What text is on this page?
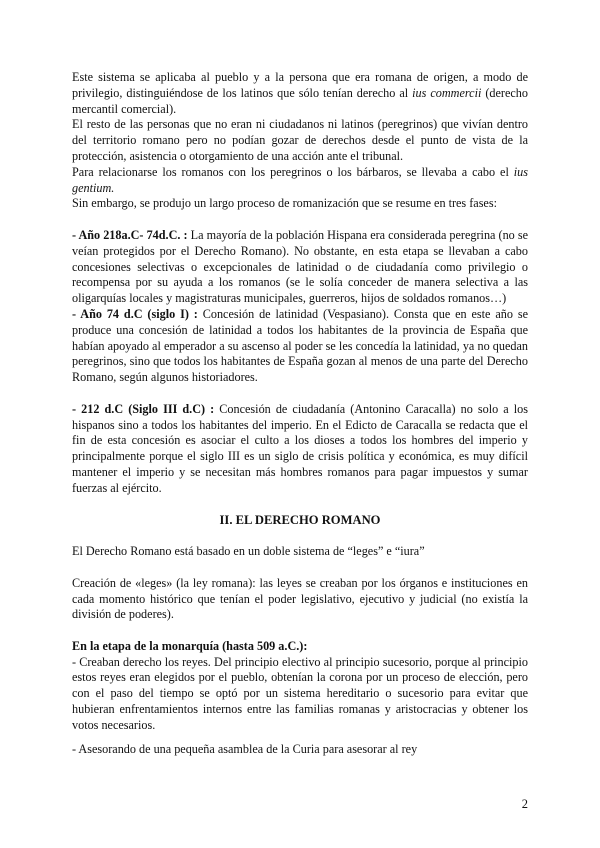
Este sistema se aplicaba al pueblo y a la persona que era romana de origen, a modo de privilegio, distinguiéndose de los latinos que sólo tenían derecho al ius commercii (derecho mercantil comercial).

El resto de las personas que no eran ni ciudadanos ni latinos (peregrinos) que vivían dentro del territorio romano pero no podían gozar de derechos desde el punto de vista de la protección, asistencia o otorgamiento de una acción ante el tribunal.

Para relacionarse los romanos con los peregrinos o los bárbaros, se llevaba a cabo el ius gentium.

Sin embargo, se produjo un largo proceso de romanización que se resume en tres fases:

- Año 218a.C- 74d.C. : La mayoría de la población Hispana era considerada peregrina (no se veían protegidos por el Derecho Romano). No obstante, en esta etapa se llevaban a cabo concesiones selectivas o excepcionales de latinidad o de ciudadanía como privilegio o recompensa por su ayuda a los romanos (se le solía conceder de manera selectiva a las oligarquías locales y magistraturas municipales, guerreros, hijos de soldados romanos…)

- Año 74 d.C (siglo I) : Concesión de latinidad (Vespasiano). Consta que en este año se produce una concesión de latinidad a todos los habitantes de la provincia de España que habían apoyado al emperador a su ascenso al poder se les concedía la latinidad, ya no quedan peregrinos, sino que todos los habitantes de España gozan al menos de una parte del Derecho Romano, según algunos historiadores.

- 212 d.C (Siglo III d.C) : Concesión de ciudadanía (Antonino Caracalla) no solo a los hispanos sino a todos los habitantes del imperio. En el Edicto de Caracalla se redacta que el fin de esta concesión es asociar el culto a los dioses a todos los hombres del imperio y principalmente porque el siglo III es un siglo de crisis política y económica, es muy difícil mantener el imperio y se necesitan más hombres romanos para pagar impuestos y sumar fuerzas al ejército.

II. EL DERECHO ROMANO

El Derecho Romano está basado en un doble sistema de “leges” e “iura”

Creación de «leges» (la ley romana): las leyes se creaban por los órganos e instituciones en cada momento histórico que tenían el poder legislativo, ejecutivo y judicial (no existía la división de poderes).

En la etapa de la monarquía (hasta 509 a.C.):

- Creaban derecho los reyes. Del principio electivo al principio sucesorio, porque al principio estos reyes eran elegidos por el pueblo, obtenían la corona por un proceso de elección, pero con el paso del tiempo se optó por un sistema hereditario o sucesorio para evitar que hubieran enfrentamientos internos entre las familias romanas y aristocracias y obtener los votos necesarios.

- Asesorando de una pequeña asamblea de la Curia para asesorar al rey

2
